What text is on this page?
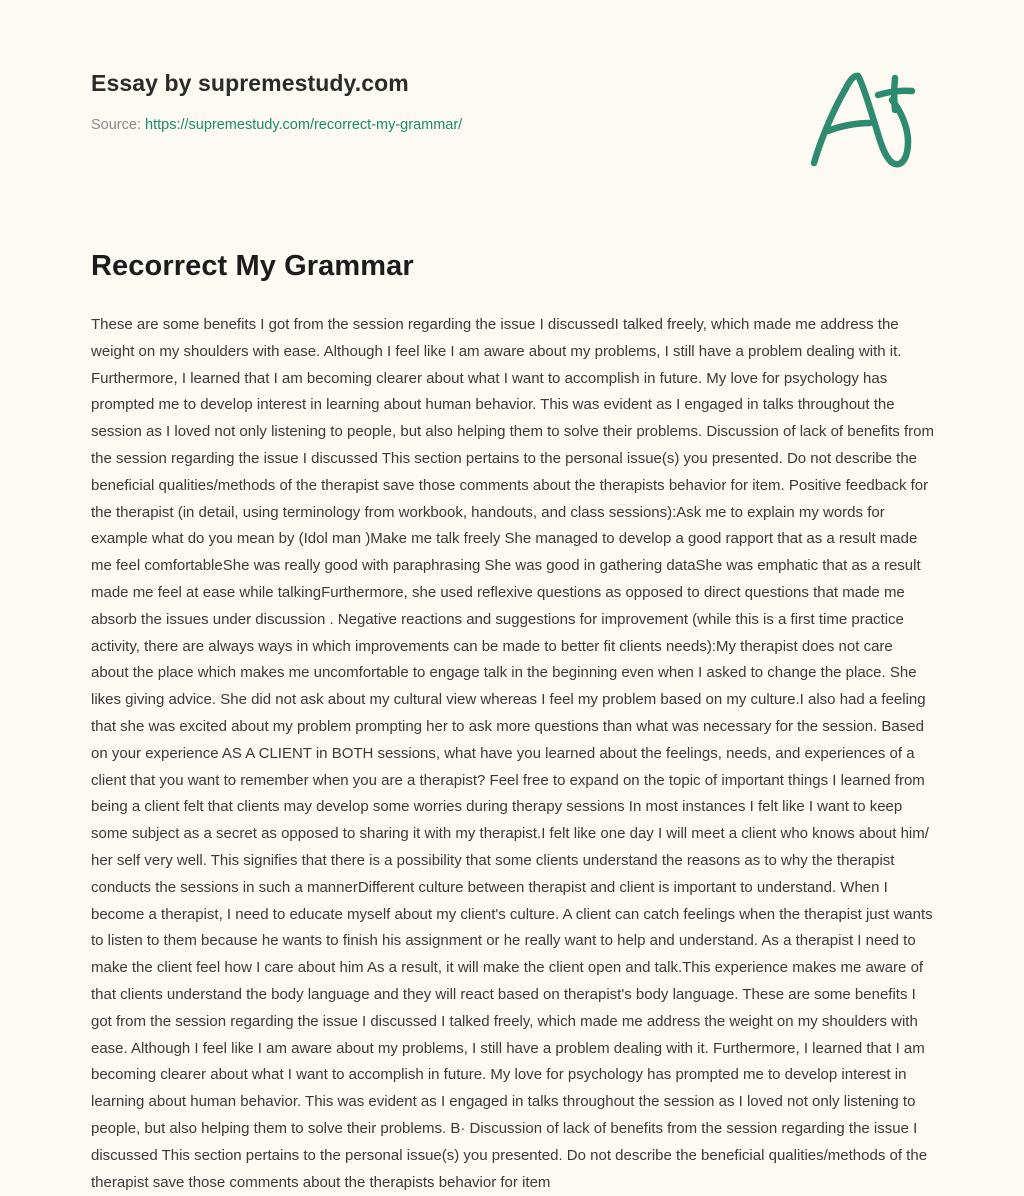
Essay by supremestudy.com
Source: https://supremestudy.com/recorrect-my-grammar/
Recorrect My Grammar

These are some benefits I got from the session regarding the issue I discussedI talked freely, which made me address the weight on my shoulders with ease. Although I feel like I am aware about my problems, I still have a problem dealing with it. Furthermore, I learned that I am becoming clearer about what I want to accomplish in future. My love for psychology has prompted me to develop interest in learning about human behavior. This was evident as I engaged in talks throughout the session as I loved not only listening to people, but also helping them to solve their problems. Discussion of lack of benefits from the session regarding the issue I discussed This section pertains to the personal issue(s) you presented. Do not describe the beneficial qualities/methods of the therapist save those comments about the therapists behavior for item. Positive feedback for the therapist (in detail, using terminology from workbook, handouts, and class sessions):Ask me to explain my words for example what do you mean by (Idol man )Make me talk freely She managed to develop a good rapport that as a result made me feel comfortableShe was really good with paraphrasing She was good in gathering dataShe was emphatic that as a result made me feel at ease while talkingFurthermore, she used reflexive questions as opposed to direct questions that made me absorb the issues under discussion . Negative reactions and suggestions for improvement (while this is a first time practice activity, there are always ways in which improvements can be made to better fit clients needs):My therapist does not care about the place which makes me uncomfortable to engage talk in the beginning even when I asked to change the place. She likes giving advice. She did not ask about my cultural view whereas I feel my problem based on my culture.I also had a feeling that she was excited about my problem prompting her to ask more questions than what was necessary for the session. Based on your experience AS A CLIENT in BOTH sessions, what have you learned about the feelings, needs, and experiences of a client that you want to remember when you are a therapist? Feel free to expand on the topic of important things I learned from being a client felt that clients may develop some worries during therapy sessions In most instances I felt like I want to keep some subject as a secret as opposed to sharing it with my therapist.I felt like one day I will meet a client who knows about him/ her self very well. This signifies that there is a possibility that some clients understand the reasons as to why the therapist conducts the sessions in such a mannerDifferent culture between therapist and client is important to understand. When I become a therapist, I need to educate myself about my client's culture. A client can catch feelings when the therapist just wants to listen to them because he wants to finish his assignment or he really want to help and understand. As a therapist I need to make the client feel how I care about him As a result, it will make the client open and talk.This experience makes me aware of that clients understand the body language and they will react based on therapist's body language. These are some benefits I got from the session regarding the issue I discussed I talked freely, which made me address the weight on my shoulders with ease. Although I feel like I am aware about my problems, I still have a problem dealing with it. Furthermore, I learned that I am becoming clearer about what I want to accomplish in future. My love for psychology has prompted me to develop interest in learning about human behavior. This was evident as I engaged in talks throughout the session as I loved not only listening to people, but also helping them to solve their problems. B· Discussion of lack of benefits from the session regarding the issue I discussed This section pertains to the personal issue(s) you presented. Do not describe the beneficial qualities/methods of the therapist save those comments about the therapists behavior for item
